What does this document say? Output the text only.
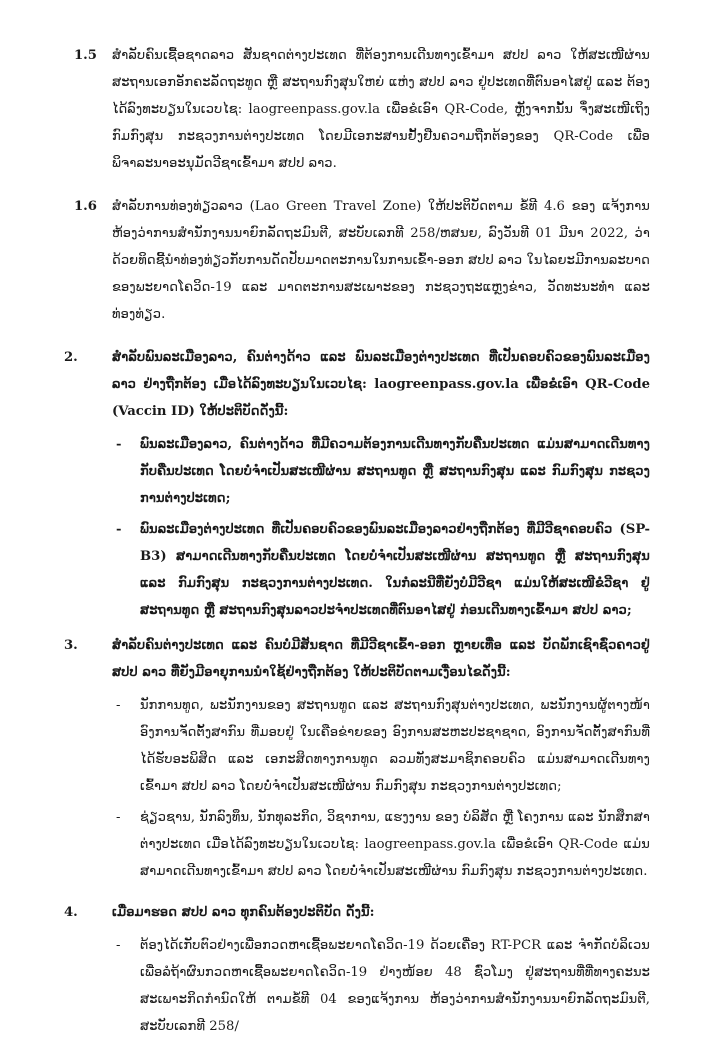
1.5 ສໍາລັບຄົນເຊື້ອຊາດລາວ ສັນຊາດຕ່າງປະເທດ ທີ່ຕ້ອງການເດີນທາງເຂົ້າມາ ສປປ ລາວ ໃຫ້ສະເໜີຜ່ານ ສະຖານເອກອັກຄະລັດຖະທູດ ຫຼື ສະຖານກົງສຸນໃຫຍ່ ແຫ່ງ ສປປ ລາວ ຢູ່ປະເທດທີ່ຕົນອາໄສຢູ່ ແລະ ຕ້ອງໄດ້ລົງທະບຽນໃນເວບໄຊ: laogreenpass.gov.la ເພື່ອຂໍເອົາ QR-Code, ຫຼັງຈາກນັ້ນ ຈຶ່ງສະເໜີເຖິງກົມກົງສຸນ ກະຊວງການຕ່າງປະເທດ ໂດຍມີເອກະສານຢັ້ງຢືນຄວາມຖືກຕ້ອງຂອງ QR-Code ເພື່ອພິຈາລະນາອະນຸມັດວີຊາເຂົ້າມາ ສປປ ລາວ.

1.6 ສໍາລັບການທ່ອງທ່ຽວລາວ (Lao Green Travel Zone) ໃຫ້ປະຕິບັດຕາມ ຂໍ້ທີ 4.6 ຂອງ ແຈ້ງການ ຫ້ອງວ່າການສໍານັກງານນາຍົກລັດຖະມົນຕີ, ສະບັບເລກທີ 258/ຫສນຍ, ລົງວັນທີ 01 ມີນາ 2022, ວ່າດ້ວຍທິດຊີ້ນໍາທ່ອງທ່ຽວກັບການດັດປັບມາດຕະການໃນການເຂົ້າ-ອອກ ສປປ ລາວ ໃນໄລຍະມີການລະບາດຂອງພະຍາດໂຄວິດ-19 ແລະ ມາດຕະການສະເພາະຂອງ ກະຊວງຖະແຫຼງຂ່າວ, ວັດທະນະທໍາ ແລະ ທ່ອງທ່ຽວ.

2.	ສໍາລັບພົນລະເມືອງລາວ, ຄົນຕ່າງດ້າວ ແລະ ພົນລະເມືອງຕ່າງປະເທດ ທີ່ເປັນຄອບຄົວຂອງພົນລະເມືອງລາວ ຢ່າງຖືກຕ້ອງ ເມື່ອໄດ້ລົງທະບຽນໃນເວບໄຊ: laogreenpass.gov.la ເພື່ອຂໍເອົາ QR-Code (Vaccin ID) ໃຫ້ປະຕິບັດດັ່ງນີ້:

- ພົນລະເມືອງລາວ, ຄົນຕ່າງດ້າວ ທີ່ມີຄວາມຕ້ອງການເດີນທາງກັບຄືນປະເທດ ແມ່ນສາມາດເດີນທາງກັບຄືນປະເທດ ໂດຍບໍ່ຈໍາເປັນສະເໜີຜ່ານ ສະຖານທູດ ຫຼື ສະຖານກົງສຸນ ແລະ ກົມກົງສຸນ ກະຊວງການຕ່າງປະເທດ;
- ພົນລະເມືອງຕ່າງປະເທດ ທີ່ເປັນຄອບຄົວຂອງພົນລະເມືອງລາວຢ່າງຖືກຕ້ອງ ທີ່ມີວີຊາຄອບຄົວ (SP-B3) ສາມາດເດີນທາງກັບຄືນປະເທດ ໂດຍບໍ່ຈໍາເປັນສະເໜີຜ່ານ ສະຖານທູດ ຫຼື ສະຖານກົງສຸນ ແລະ ກົມກົງສຸນ ກະຊວງການຕ່າງປະເທດ. ໃນກໍລະນີທີ່ຍັງບໍ່ມີວີຊາ ແມ່ນໃຫ້ສະເໜີຂໍວີຊາ ຢູ່ ສະຖານທູດ ຫຼື ສະຖານກົງສຸນລາວປະຈໍາປະເທດທີ່ຕົນອາໄສຢູ່ ກ່ອນເດີນທາງເຂົ້າມາ ສປປ ລາວ;
3.	ສໍາລັບຄົນຕ່າງປະເທດ ແລະ ຄົນບໍ່ມີສັນຊາດ ທີ່ມີວີຊາເຂົ້າ-ອອກ ຫຼາຍເທື່ອ ແລະ ບັດພັກເຊົາຊົ່ວຄາວຢູ່ ສປປ ລາວ ທີ່ຍັງມີອາຍຸການນໍາໃຊ້ຢ່າງຖືກຕ້ອງ ໃຫ້ປະຕິບັດຕາມເງື່ອນໄຂດັ່ງນີ້:

- ນັກການທູດ, ພະນັກງານຂອງ ສະຖານທູດ ແລະ ສະຖານກົງສຸນຕ່າງປະເທດ, ພະນັກງານຜູ້ຕາງໜ້າອົງການຈັດຕັ້ງສາກົນ ທີ່ມອບຢູ່ ໃນເຄືອຂ່າຍຂອງ ອົງການສະຫະປະຊາຊາດ, ອົງການຈັດຕັ້ງສາກົນທີ່ໄດ້ຮັບອະພິສິດ ແລະ ເອກະສິດທາງການທູດ ລວມທັງສະມາຊິກຄອບຄົວ ແມ່ນສາມາດເດີນທາງເຂົ້າມາ ສປປ ລາວ ໂດຍບໍ່ຈໍາເປັນສະເໜີຜ່ານ ກົມກົງສຸນ ກະຊວງການຕ່າງປະເທດ;
- ຊ່ຽວຊານ, ນັກລົງທຶນ, ນັກທຸລະກິດ, ວິຊາການ, ແຮງງານ ຂອງ ບໍລິສັດ ຫຼື ໂຄງການ ແລະ ນັກສຶກສາຕ່າງປະເທດ ເມື່ອໄດ້ລົງທະບຽນໃນເວບໄຊ: laogreenpass.gov.la ເພື່ອຂໍເອົາ QR-Code ແມ່ນສາມາດເດີນທາງເຂົ້າມາ ສປປ ລາວ ໂດຍບໍ່ຈໍາເປັນສະເໜີຜ່ານ ກົມກົງສຸນ ກະຊວງການຕ່າງປະເທດ.
4.	ເມື່ອມາຮອດ ສປປ ລາວ ທຸກຄົນຕ້ອງປະຕິບັດ ດັ່ງນີ້:

- ຕ້ອງໄດ້ເກັບຕົວຢ່າງເພື່ອກວດຫາເຊື້ອພະຍາດໂຄວິດ-19 ດ້ວຍເຄື່ອງ RT-PCR ແລະ ຈໍາກັດບໍລິເວນເພື່ອລໍຖ້າຜົນກວດຫາເຊື້ອພະຍາດໂຄວິດ-19 ຢ່າງໜ້ອຍ 48 ຊົ່ວໂມງ ຢູ່ສະຖານທີ່ທີ່ທາງຄະນະສະເພາະກິດກໍານົດໃຫ້ ຕາມຂໍ້ທີ 04 ຂອງແຈ້ງການ ຫ້ອງວ່າການສໍານັກງານນາຍົກລັດຖະມົນຕີ, ສະບັບເລກທີ 258/
